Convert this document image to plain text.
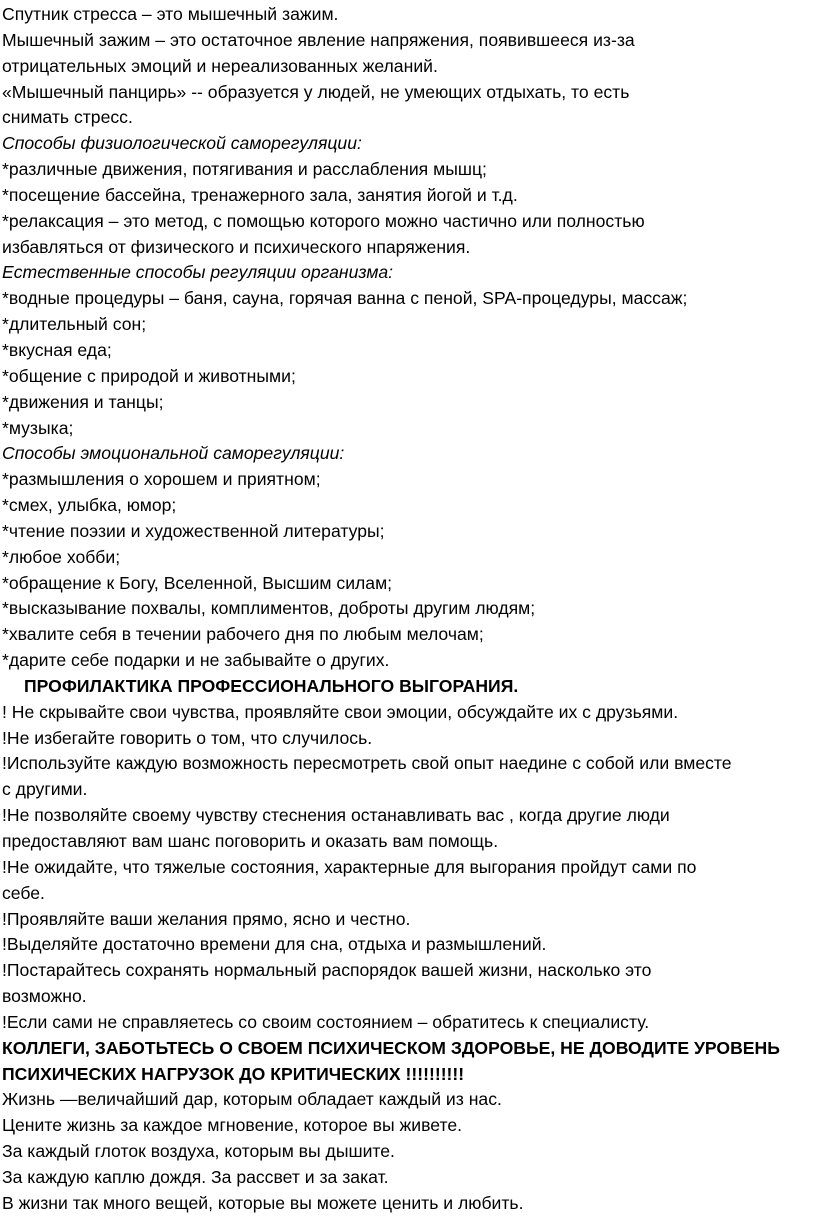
Спутник стресса – это мышечный зажим.
Мышечный зажим – это остаточное явление напряжения, появившееся из-за
отрицательных эмоций и нереализованных желаний.
«Мышечный панцирь» -- образуется у людей, не умеющих отдыхать, то есть
снимать стресс.
Способы физиологической саморегуляции:
*различные движения, потягивания и расслабления мышц;
*посещение бассейна, тренажерного зала, занятия йогой и т.д.
*релаксация – это метод, с помощью которого можно частично или полностью
избавляться от физического и психического нпаряжения.
Естественные способы регуляции организма:
*водные процедуры – баня, сауна, горячая ванна с пеной, SPA-процедуры, массаж;
*длительный сон;
*вкусная еда;
*общение с природой и животными;
*движения и танцы;
*музыка;
Способы эмоциональной саморегуляции:
*размышления о хорошем и приятном;
*смех, улыбка, юмор;
*чтение поэзии и художественной литературы;
*любое хобби;
*обращение к Богу, Вселенной, Высшим силам;
*высказывание похвалы, комплиментов, доброты другим людям;
*хвалите себя в течении рабочего дня по любым мелочам;
*дарите себе подарки и не забывайте о других.
ПРОФИЛАКТИКА ПРОФЕССИОНАЛЬНОГО ВЫГОРАНИЯ.
! Не скрывайте свои чувства, проявляйте свои эмоции, обсуждайте их с друзьями.
!Не избегайте говорить о том, что случилось.
!Используйте каждую возможность пересмотреть свой опыт наедине с собой или вместе
с другими.
!Не позволяйте своему чувству стеснения останавливать вас , когда другие люди
предоставляют вам шанс поговорить и оказать вам помощь.
!Не ожидайте, что тяжелые состояния, характерные для выгорания пройдут сами по
себе.
!Проявляйте ваши желания прямо, ясно и честно.
!Выделяйте достаточно времени для сна, отдыха и размышлений.
!Постарайтесь сохранять нормальный распорядок вашей жизни, насколько это
возможно.
!Если сами не справляетесь со своим состоянием – обратитесь к специалисту.
КОЛЛЕГИ, ЗАБОТЬТЕСЬ О СВОЕМ ПСИХИЧЕСКОМ ЗДОРОВЬЕ, НЕ ДОВОДИТЕ УРОВЕНЬ
ПСИХИЧЕСКИХ НАГРУЗОК ДО КРИТИЧЕСКИХ !!!!!!!!!!
Жизнь —величайший дар, которым обладает каждый из нас.
Цените жизнь за каждое мгновение, которое вы живете.
За каждый глоток воздуха, которым вы дышите.
За каждую каплю дождя. За рассвет и за закат.
В жизни так много вещей, которые вы можете ценить и любить.
